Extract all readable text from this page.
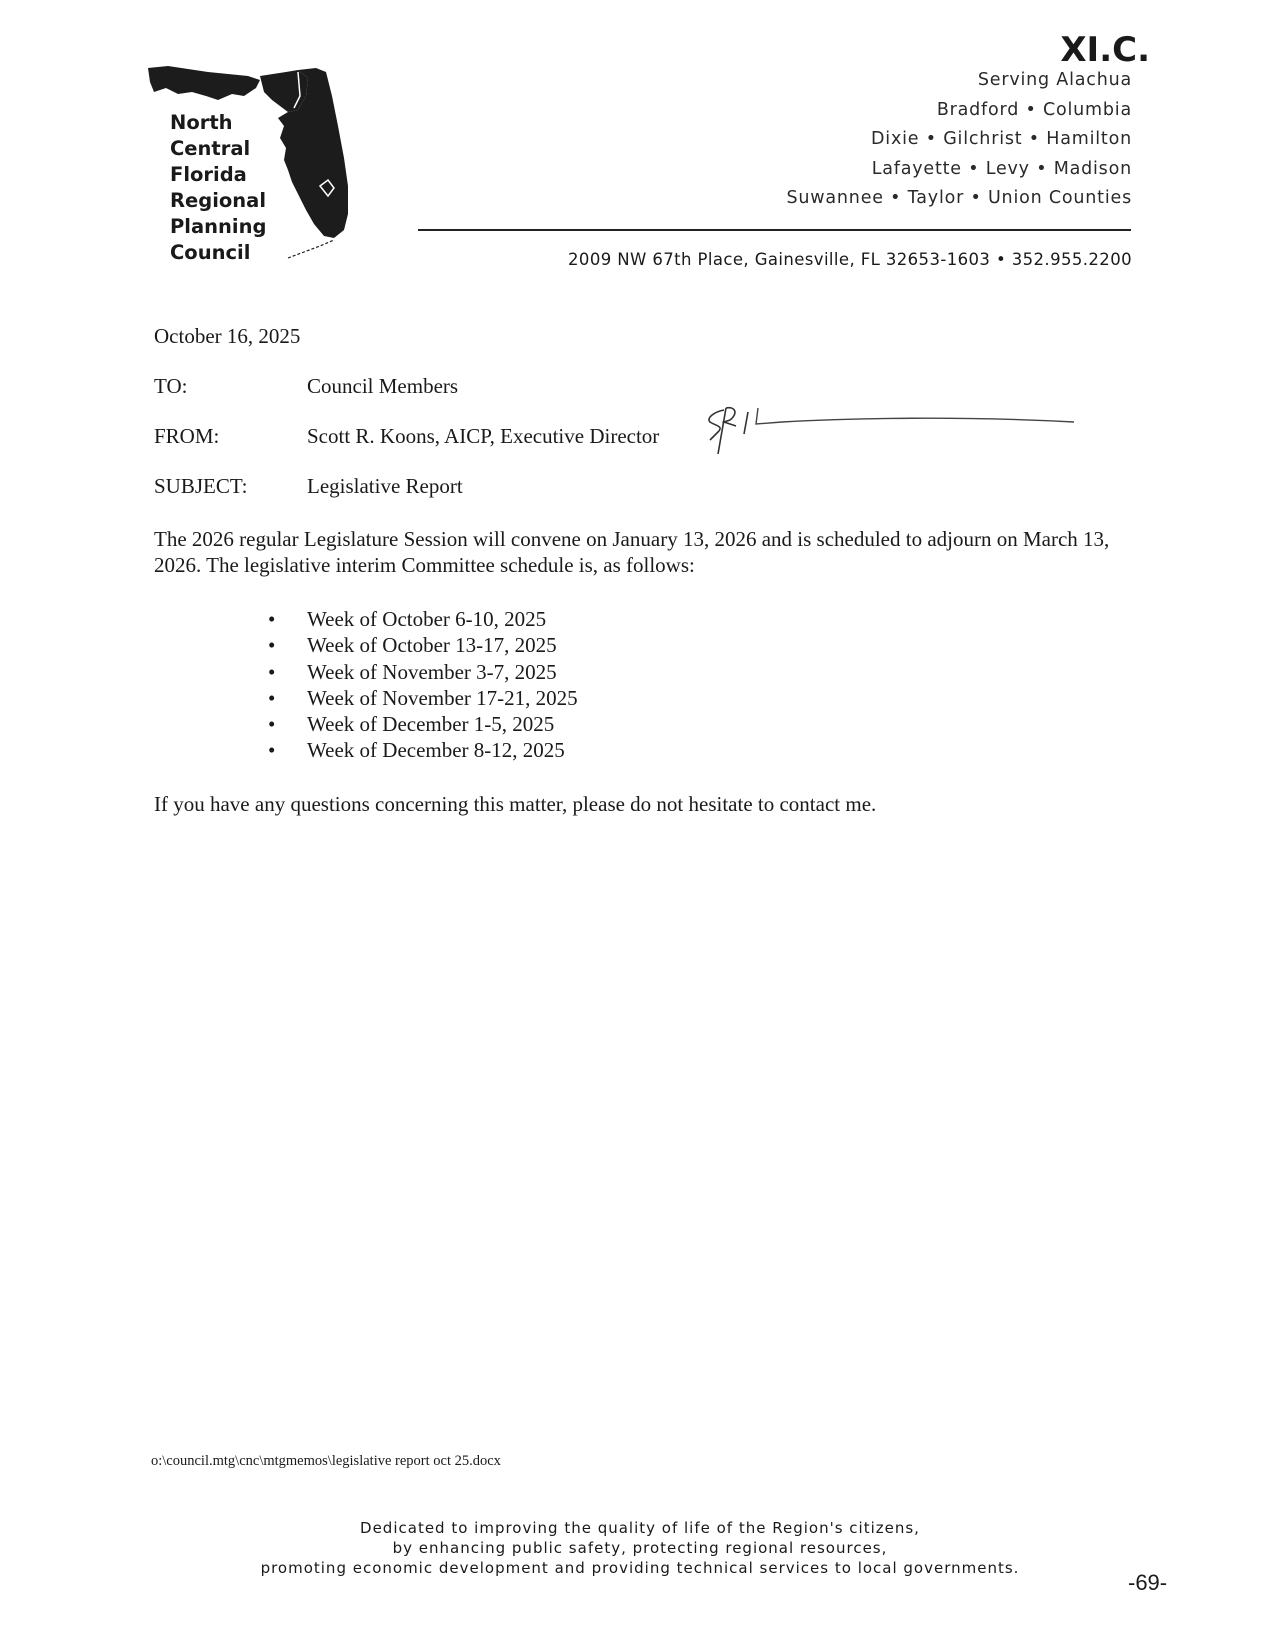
XI.C.
North
Central
Florida
Regional
Planning
Council
Serving Alachua
Bradford • Columbia
Dixie • Gilchrist • Hamilton
Lafayette • Levy • Madison
Suwannee • Taylor • Union Counties
2009 NW 67th Place, Gainesville, FL 32653-1603 • 352.955.2200
October 16, 2025
TO:	Council Members
FROM:	Scott R. Koons, AICP, Executive Director
SUBJECT:	Legislative Report
The 2026 regular Legislature Session will convene on January 13, 2026 and is scheduled to adjourn on March 13, 2026. The legislative interim Committee schedule is, as follows:
• Week of October 6-10, 2025
• Week of October 13-17, 2025
• Week of November 3-7, 2025
• Week of November 17-21, 2025
• Week of December 1-5, 2025
• Week of December 8-12, 2025
If you have any questions concerning this matter, please do not hesitate to contact me.
o:\council.mtg\cnc\mtgmemos\legislative report oct 25.docx
Dedicated to improving the quality of life of the Region's citizens,
by enhancing public safety, protecting regional resources,
promoting economic development and providing technical services to local governments.
-69-
